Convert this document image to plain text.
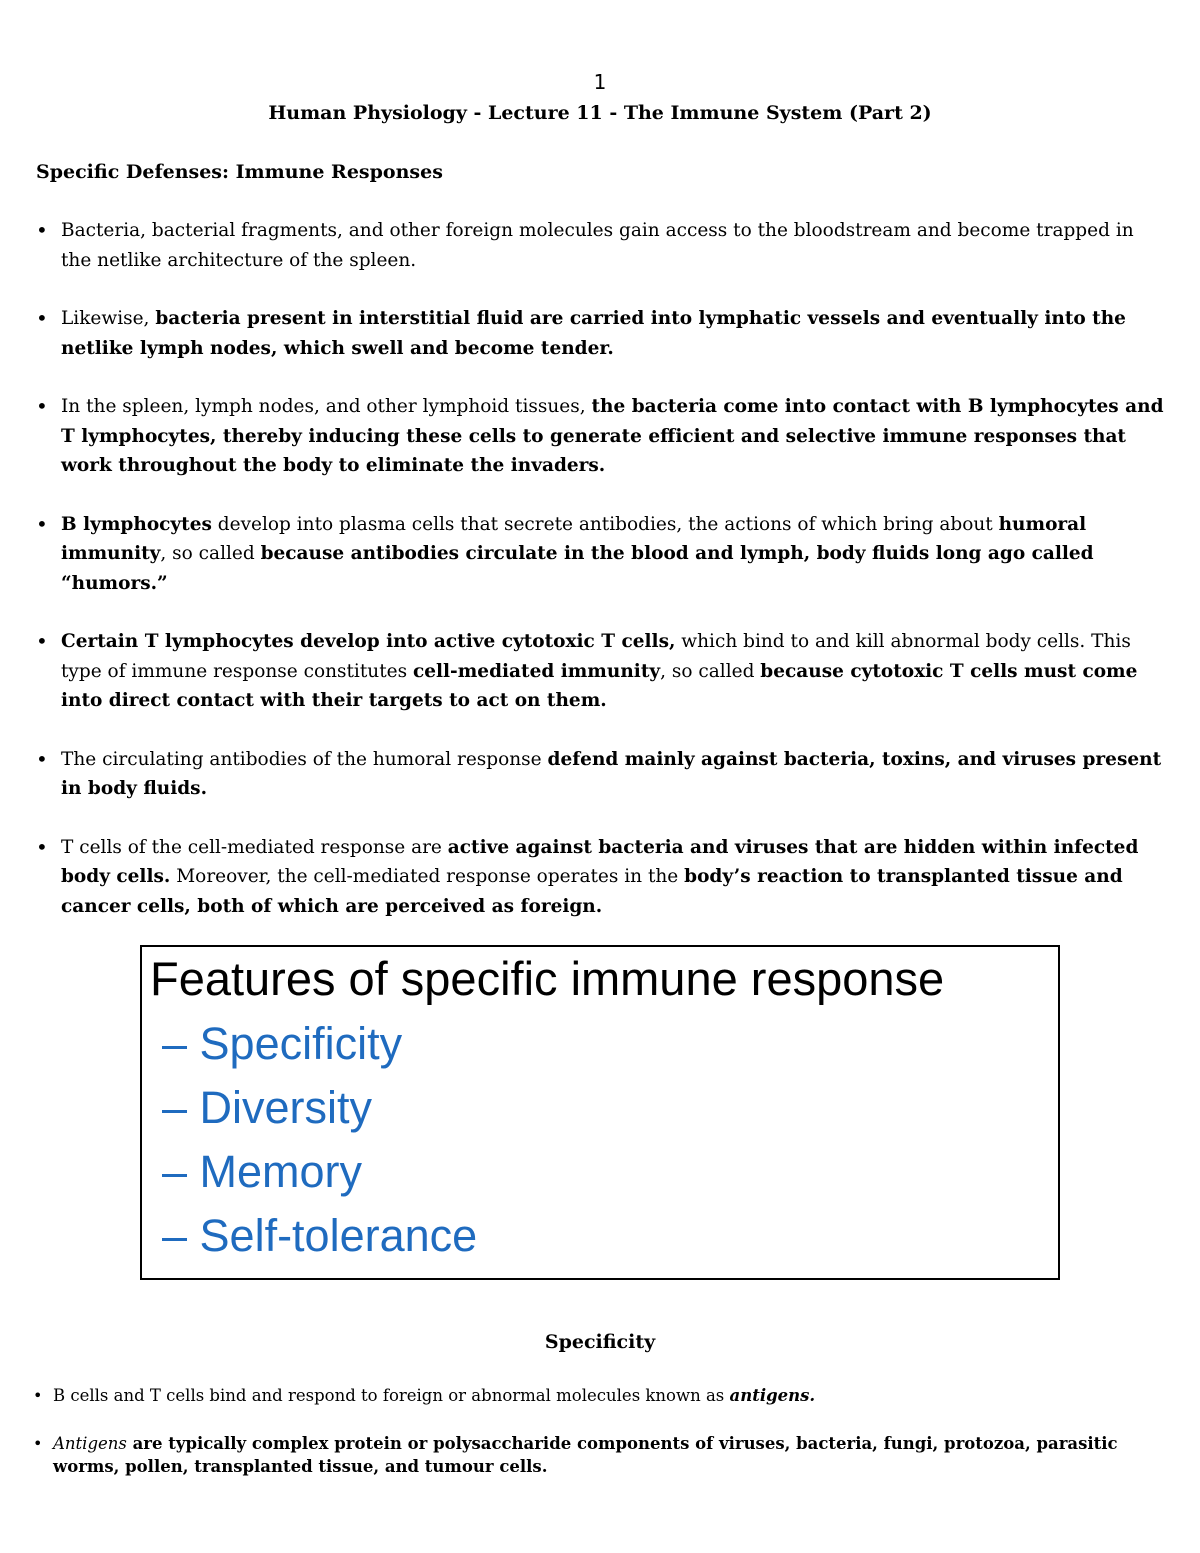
1
Human Physiology - Lecture 11 - The Immune System (Part 2)
Specific Defenses: Immune Responses
• Bacteria, bacterial fragments, and other foreign molecules gain access to the bloodstream and become trapped in the netlike architecture of the spleen.
• Likewise, bacteria present in interstitial fluid are carried into lymphatic vessels and eventually into the netlike lymph nodes, which swell and become tender.
• In the spleen, lymph nodes, and other lymphoid tissues, the bacteria come into contact with B lymphocytes and T lymphocytes, thereby inducing these cells to generate efficient and selective immune responses that work throughout the body to eliminate the invaders.
• B lymphocytes develop into plasma cells that secrete antibodies, the actions of which bring about humoral immunity, so called because antibodies circulate in the blood and lymph, body fluids long ago called “humors.”
• Certain T lymphocytes develop into active cytotoxic T cells, which bind to and kill abnormal body cells. This type of immune response constitutes cell-mediated immunity, so called because cytotoxic T cells must come into direct contact with their targets to act on them.
• The circulating antibodies of the humoral response defend mainly against bacteria, toxins, and viruses present in body fluids.
• T cells of the cell-mediated response are active against bacteria and viruses that are hidden within infected body cells. Moreover, the cell-mediated response operates in the body’s reaction to transplanted tissue and cancer cells, both of which are perceived as foreign.
Features of specific immune response
– Specificity
– Diversity
– Memory
– Self-tolerance
Specificity
• B cells and T cells bind and respond to foreign or abnormal molecules known as antigens.
• Antigens are typically complex protein or polysaccharide components of viruses, bacteria, fungi, protozoa, parasitic worms, pollen, transplanted tissue, and tumour cells.
